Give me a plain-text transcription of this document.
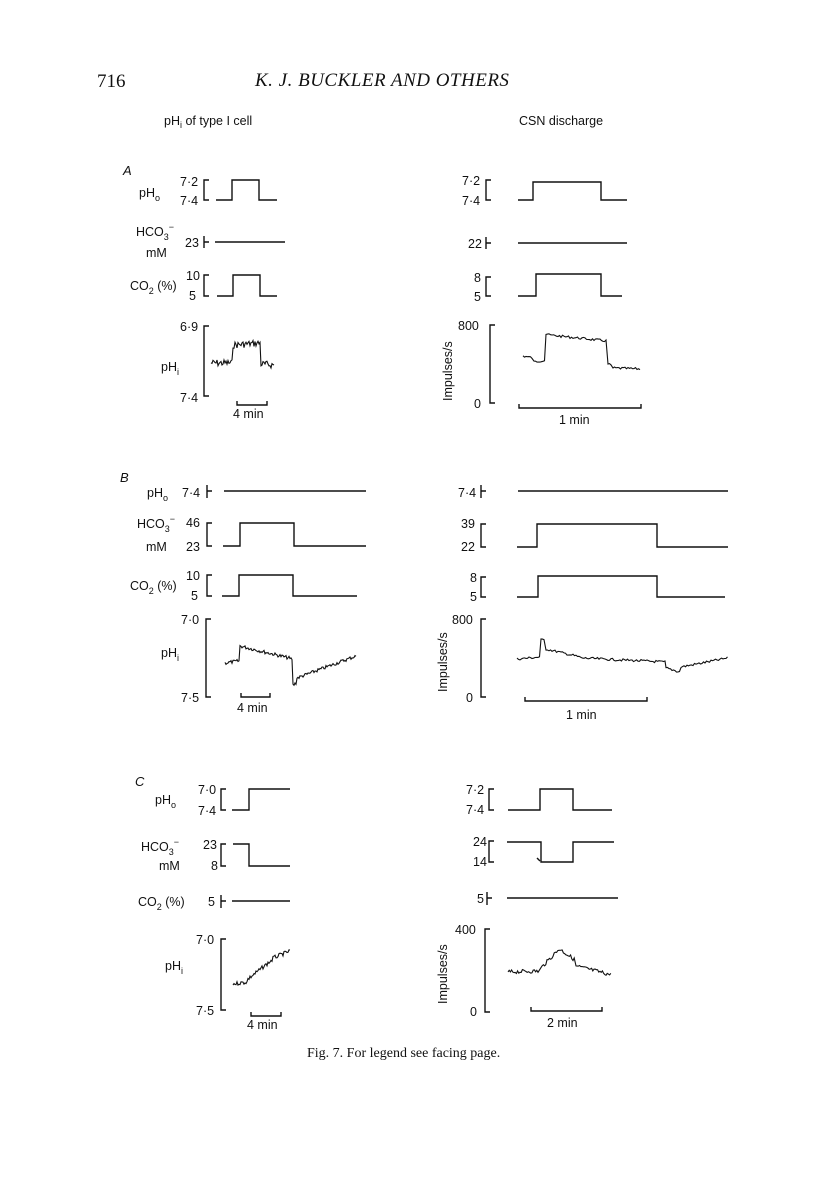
716	K. J. BUCKLER AND OTHERS
$pH_i$ of type I cell	CSN discharge
A
$pH_o$
7·2
7·4
$HCO_3^-$
mM
23
$CO_2$ (%)
10
5
$pH_i$
6·9
7·4
4 min
7·2
7·4
22
8
5
Impulses/s
800
0
1 min
B
$pH_o$ 7·4
$HCO_3^-$ 46
mM 23
$CO_2$ (%)
10
5
$pH_i$
7·0
7·5
4 min
7·4
39
22
8
5
Impulses/s
800
0
1 min
C
$pH_o$
7·0
7·4
$HCO_3^-$ 23
mM 8
$CO_2$ (%) 5
$pH_i$
7·0
7·5
4 min
7·2
7·4
24
14
5
Impulses/s
400
0
2 min
Fig. 7. For legend see facing page.
